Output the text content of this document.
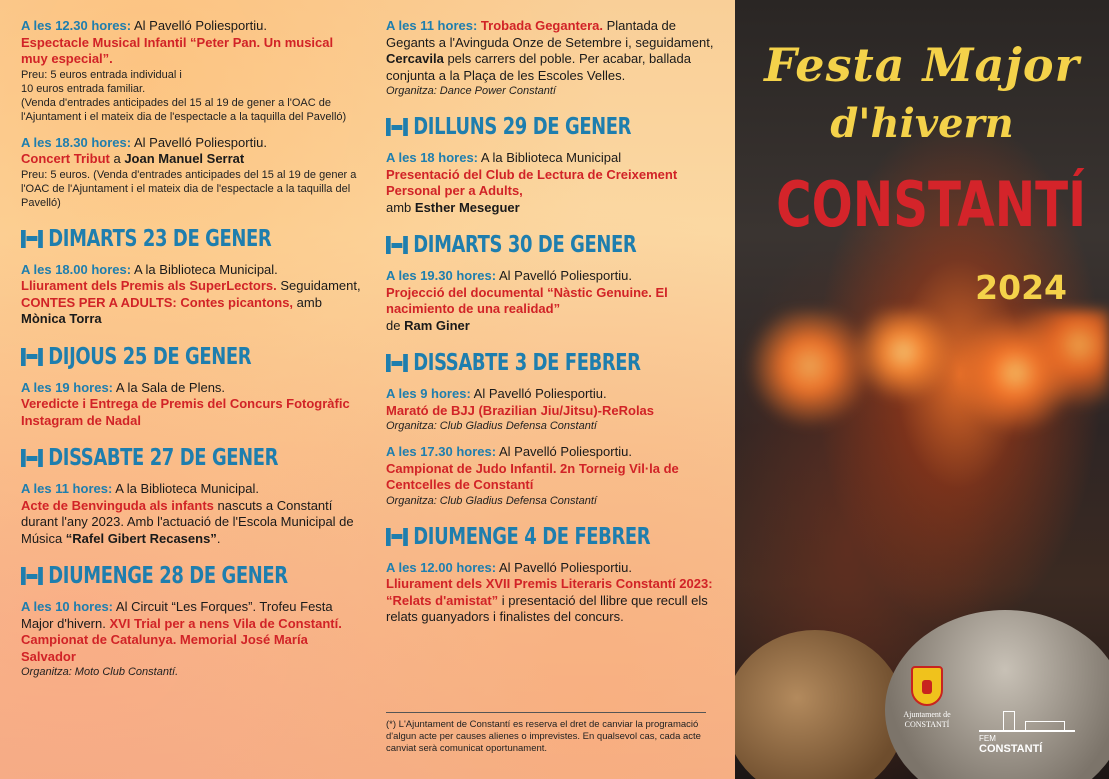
A les 12.30 hores: Al Pavelló Poliesportiu.
Espectacle Musical Infantil “Peter Pan. Un musical muy especial”.
Preu: 5 euros entrada individual i
10 euros entrada familiar.
(Venda d'entrades anticipades del 15 al 19 de gener a l'OAC de l'Ajuntament i el mateix dia de l'espectacle a la taquilla del Pavelló)

A les 18.30 hores: Al Pavelló Poliesportiu.
Concert Tribut a Joan Manuel Serrat
Preu: 5 euros. (Venda d'entrades anticipades del 15 al 19 de gener a l'OAC de l'Ajuntament i el mateix dia de l'espectacle a la taquilla del Pavelló)

DIMARTS 23 DE GENER

A les 18.00 hores: A la Biblioteca Municipal.
Lliurament dels Premis als SuperLectors. Seguidament, CONTES PER A ADULTS: Contes picantons, amb Mònica Torra

DIJOUS 25 DE GENER

A les 19 hores: A la Sala de Plens.
Veredicte i Entrega de Premis del Concurs Fotogràfic Instagram de Nadal

DISSABTE 27 DE GENER

A les 11 hores: A la Biblioteca Municipal.
Acte de Benvinguda als infants nascuts a Constantí durant l'any 2023. Amb l'actuació de l'Escola Municipal de Música “Rafel Gibert Recasens”.

DIUMENGE 28 DE GENER

A les 10 hores: Al Circuit “Les Forques”. Trofeu Festa Major d'hivern. XVI Trial per a nens Vila de Constantí. Campionat de Catalunya. Memorial José María Salvador
Organitza: Moto Club Constantí.

A les 11 hores: Trobada Gegantera. Plantada de Gegants a l'Avinguda Onze de Setembre i, seguidament, Cercavila pels carrers del poble. Per acabar, ballada conjunta a la Plaça de les Escoles Velles.
Organitza: Dance Power Constantí

DILLUNS 29 DE GENER

A les 18 hores: A la Biblioteca Municipal
Presentació del Club de Lectura de Creixement Personal per a Adults,
amb Esther Meseguer

DIMARTS 30 DE GENER

A les 19.30 hores: Al Pavelló Poliesportiu.
Projecció del documental “Nàstic Genuine. El nacimiento de una realidad”
de Ram Giner

DISSABTE 3 DE FEBRER

A les 9 hores: Al Pavelló Poliesportiu.
Marató de BJJ (Brazilian Jiu/Jitsu)-ReRolas
Organitza: Club Gladius Defensa Constantí

A les 17.30 hores: Al Pavelló Poliesportiu.
Campionat de Judo Infantil. 2n Torneig Vil·la de Centcelles de Constantí
Organitza: Club Gladius Defensa Constantí

DIUMENGE 4 DE FEBRER

A les 12.00 hores: Al Pavelló Poliesportiu.
Lliurament dels XVII Premis Literaris Constantí 2023: “Relats d'amistat” i presentació del llibre que recull els relats guanyadors i finalistes del concurs.

(*) L'Ajuntament de Constantí es reserva el dret de canviar la programació d'algun acte per causes alienes o imprevistes. En qualsevol cas, cada acte canviat serà comunicat oportunament.

Festa Major
d'hivern
CONSTANTÍ
2024
Ajuntament de
CONSTANTÍ
FEM
CONSTANTÍ
